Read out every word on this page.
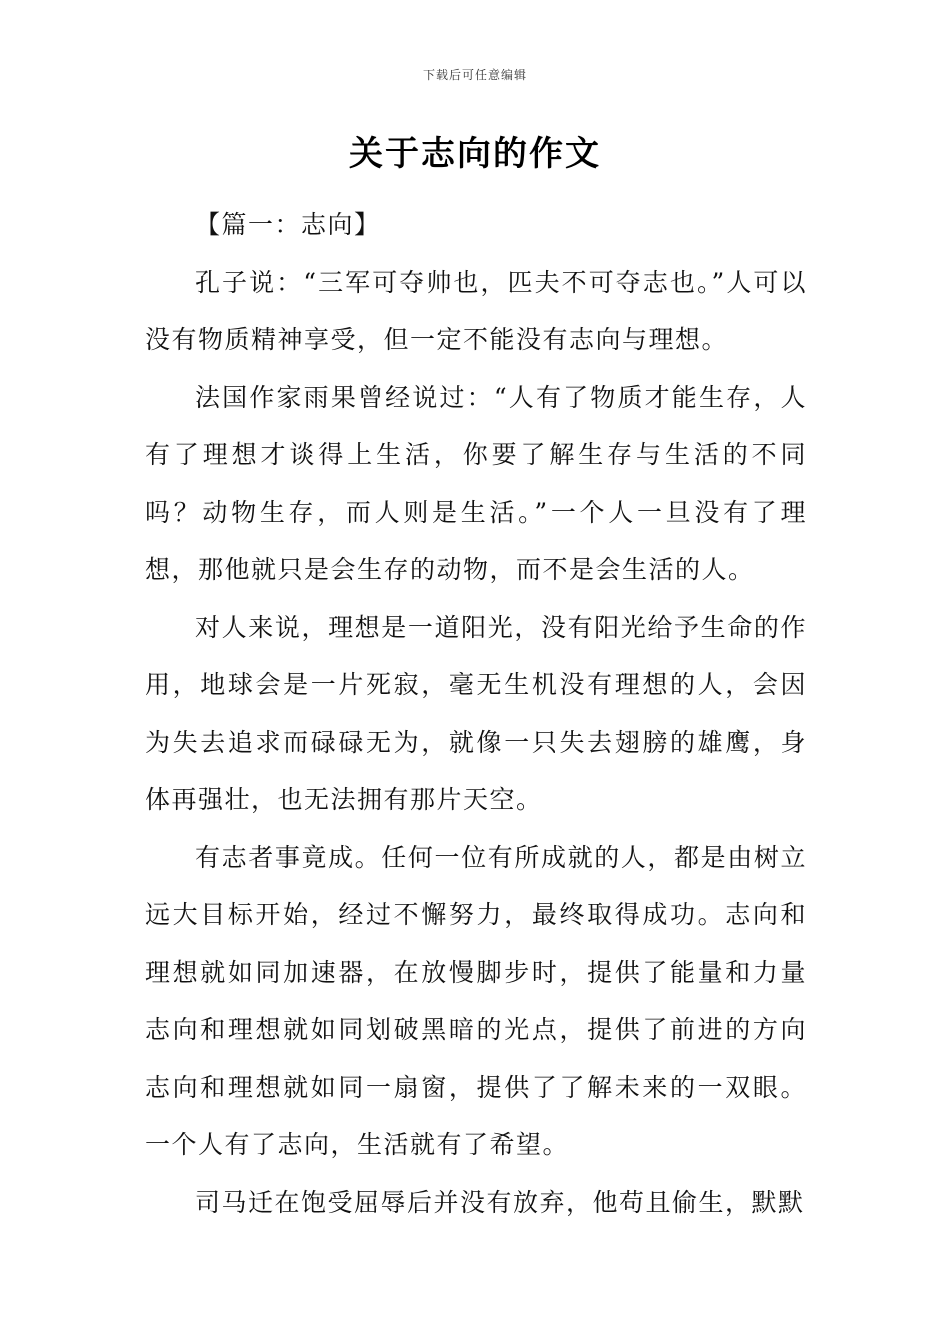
下载后可任意编辑
关于志向的作文

【篇一：志向】

孔子说：“三军可夺帅也，匹夫不可夺志也。”人可以没有物质精神享受，但一定不能没有志向与理想。

法国作家雨果曾经说过：“人有了物质才能生存，人有了理想才谈得上生活，你要了解生存与生活的不同吗？动物生存，而人则是生活。”一个人一旦没有了理想，那他就只是会生存的动物，而不是会生活的人。

对人来说，理想是一道阳光，没有阳光给予生命的作用，地球会是一片死寂，毫无生机没有理想的人，会因为失去追求而碌碌无为，就像一只失去翅膀的雄鹰，身体再强壮，也无法拥有那片天空。

有志者事竟成。任何一位有所成就的人，都是由树立远大目标开始，经过不懈努力，最终取得成功。志向和理想就如同加速器，在放慢脚步时，提供了能量和力量志向和理想就如同划破黑暗的光点，提供了前进的方向志向和理想就如同一扇窗，提供了了解未来的一双眼。一个人有了志向，生活就有了希望。

司马迁在饱受屈辱后并没有放弃，他苟且偷生，默默
